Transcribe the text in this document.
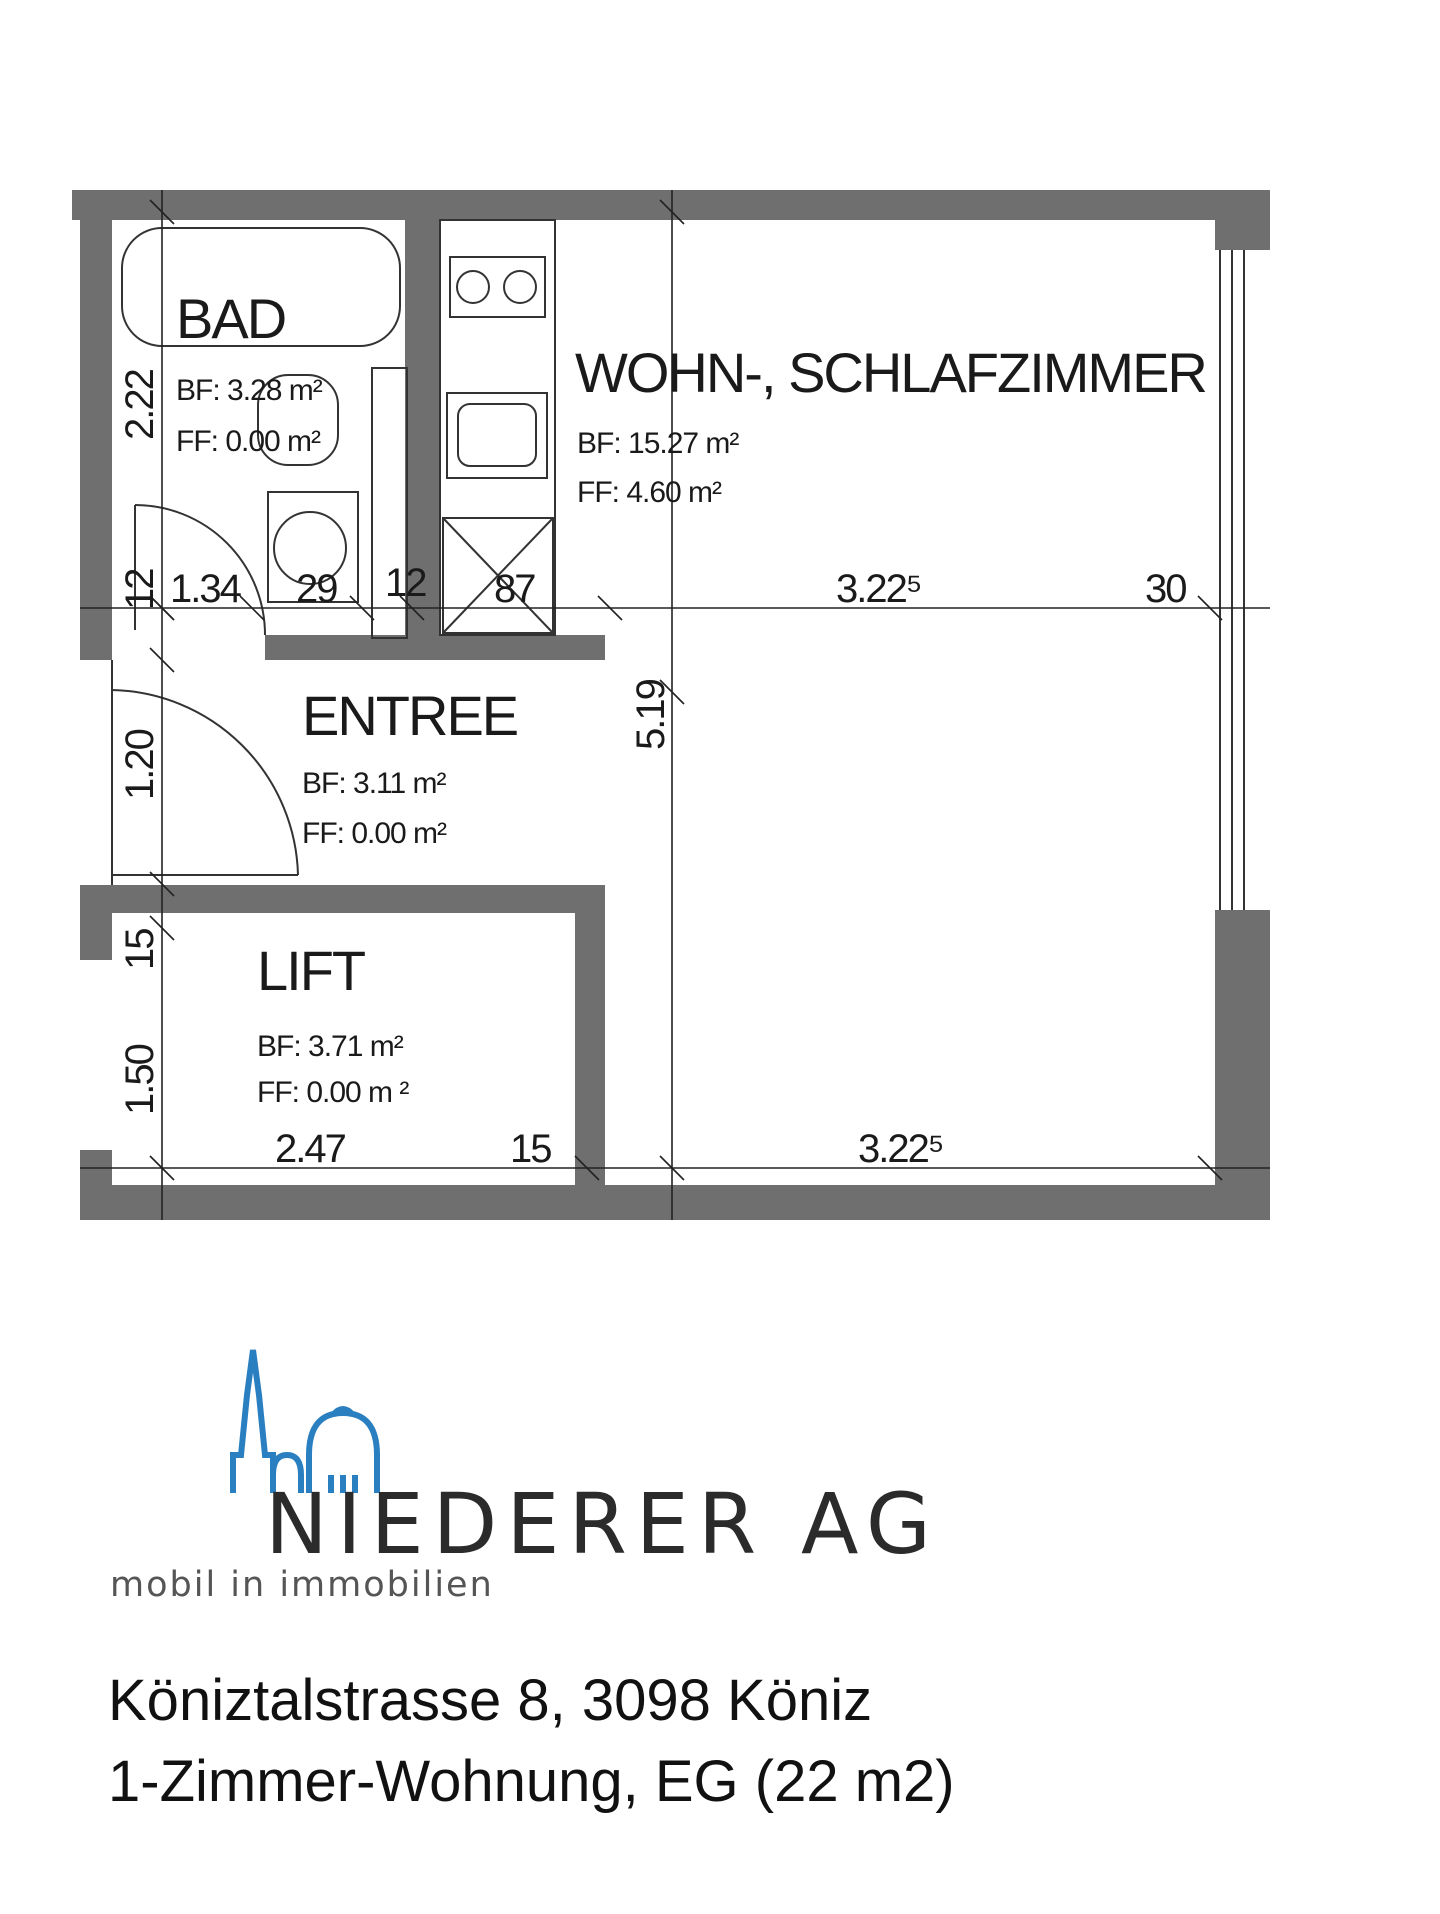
BAD
BF: 3.28 m²
FF: 0.00 m²
WOHN-, SCHLAFZIMMER
BF: 15.27 m²
FF: 4.60 m²
ENTREE
BF: 3.11 m²
FF: 0.00 m²
LIFT
BF: 3.71 m²
FF: 0.00 m ²
2.22
12 1.34 29 12 87	3.22⁵	30
5.19
1.20
15
1.50
2.47	15	3.22⁵
NIEDERER AG
mobil in immobilien
Köniztalstrasse 8, 3098 Köniz
1-Zimmer-Wohnung, EG (22 m2)
